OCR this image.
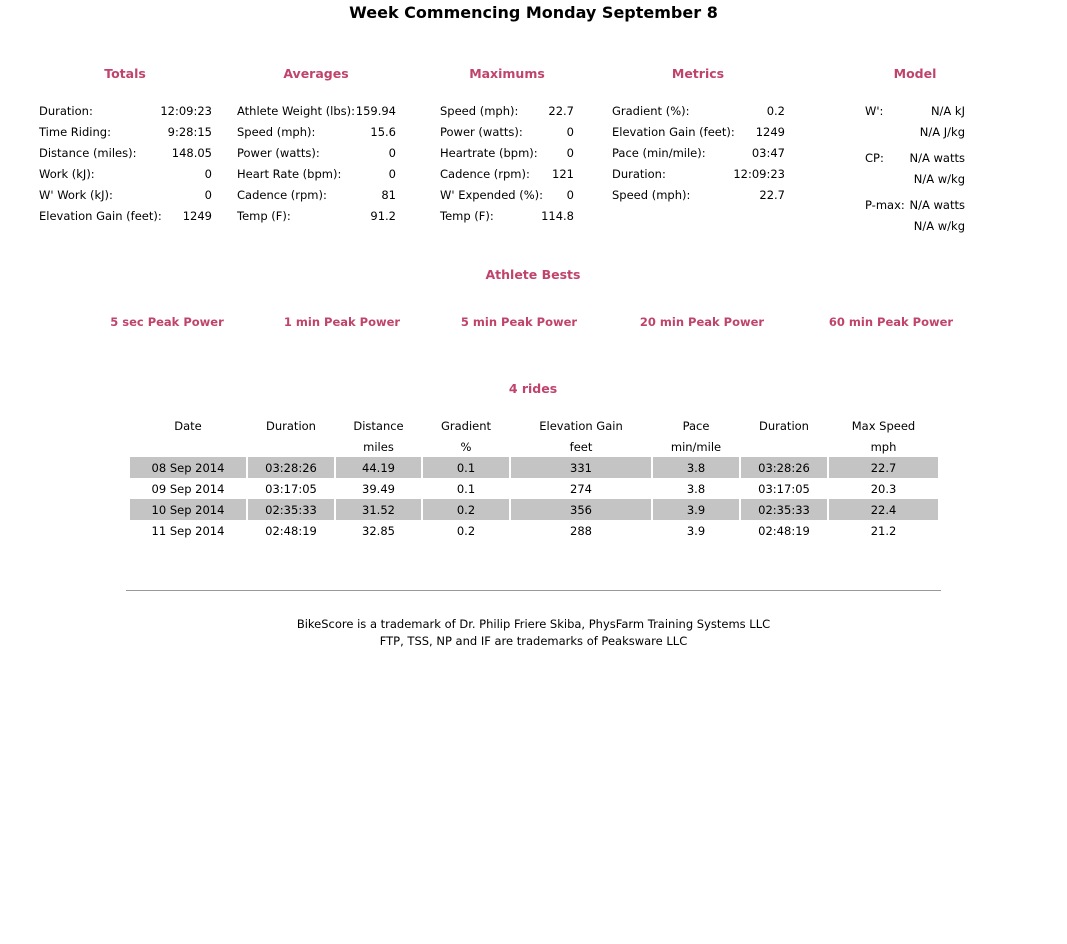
Week Commencing Monday September 8
Totals	Averages	Maximums	Metrics	Model
Duration:	12:09:23
Time Riding:	9:28:15
Distance (miles):	148.05
Work (kJ):	0
W' Work (kJ):	0
Elevation Gain (feet): 1249
Athlete Weight (lbs): 159.94
Speed (mph):	15.6
Power (watts):	0
Heart Rate (bpm):	0
Cadence (rpm):	81
Temp (F):	91.2
Speed (mph):	22.7
Power (watts):	0
Heartrate (bpm):	0
Cadence (rpm): 121
W' Expended (%): 0
Temp (F):	114.8
Gradient (%):	0.2
Elevation Gain (feet): 1249
Pace (min/mile):	03:47
Duration:	12:09:23
Speed (mph):	22.7
W':	N/A kJ
N/A J/kg
CP: N/A watts
N/A w/kg
P-max: N/A watts
N/A w/kg
Athlete Bests
5 sec Peak Power	1 min Peak Power	5 min Peak Power	20 min Peak Power	60 min Peak Power
4 rides
Date	Duration	Distance	Gradient	Elevation Gain	Pace	Duration	Max Speed
		miles	%	feet	min/mile		mph
08 Sep 2014	03:28:26	44.19	0.1	331	3.8	03:28:26	22.7
09 Sep 2014	03:17:05	39.49	0.1	274	3.8	03:17:05	20.3
10 Sep 2014	02:35:33	31.52	0.2	356	3.9	02:35:33	22.4
11 Sep 2014	02:48:19	32.85	0.2	288	3.9	02:48:19	21.2
BikeScore is a trademark of Dr. Philip Friere Skiba, PhysFarm Training Systems LLC
FTP, TSS, NP and IF are trademarks of Peaksware LLC
